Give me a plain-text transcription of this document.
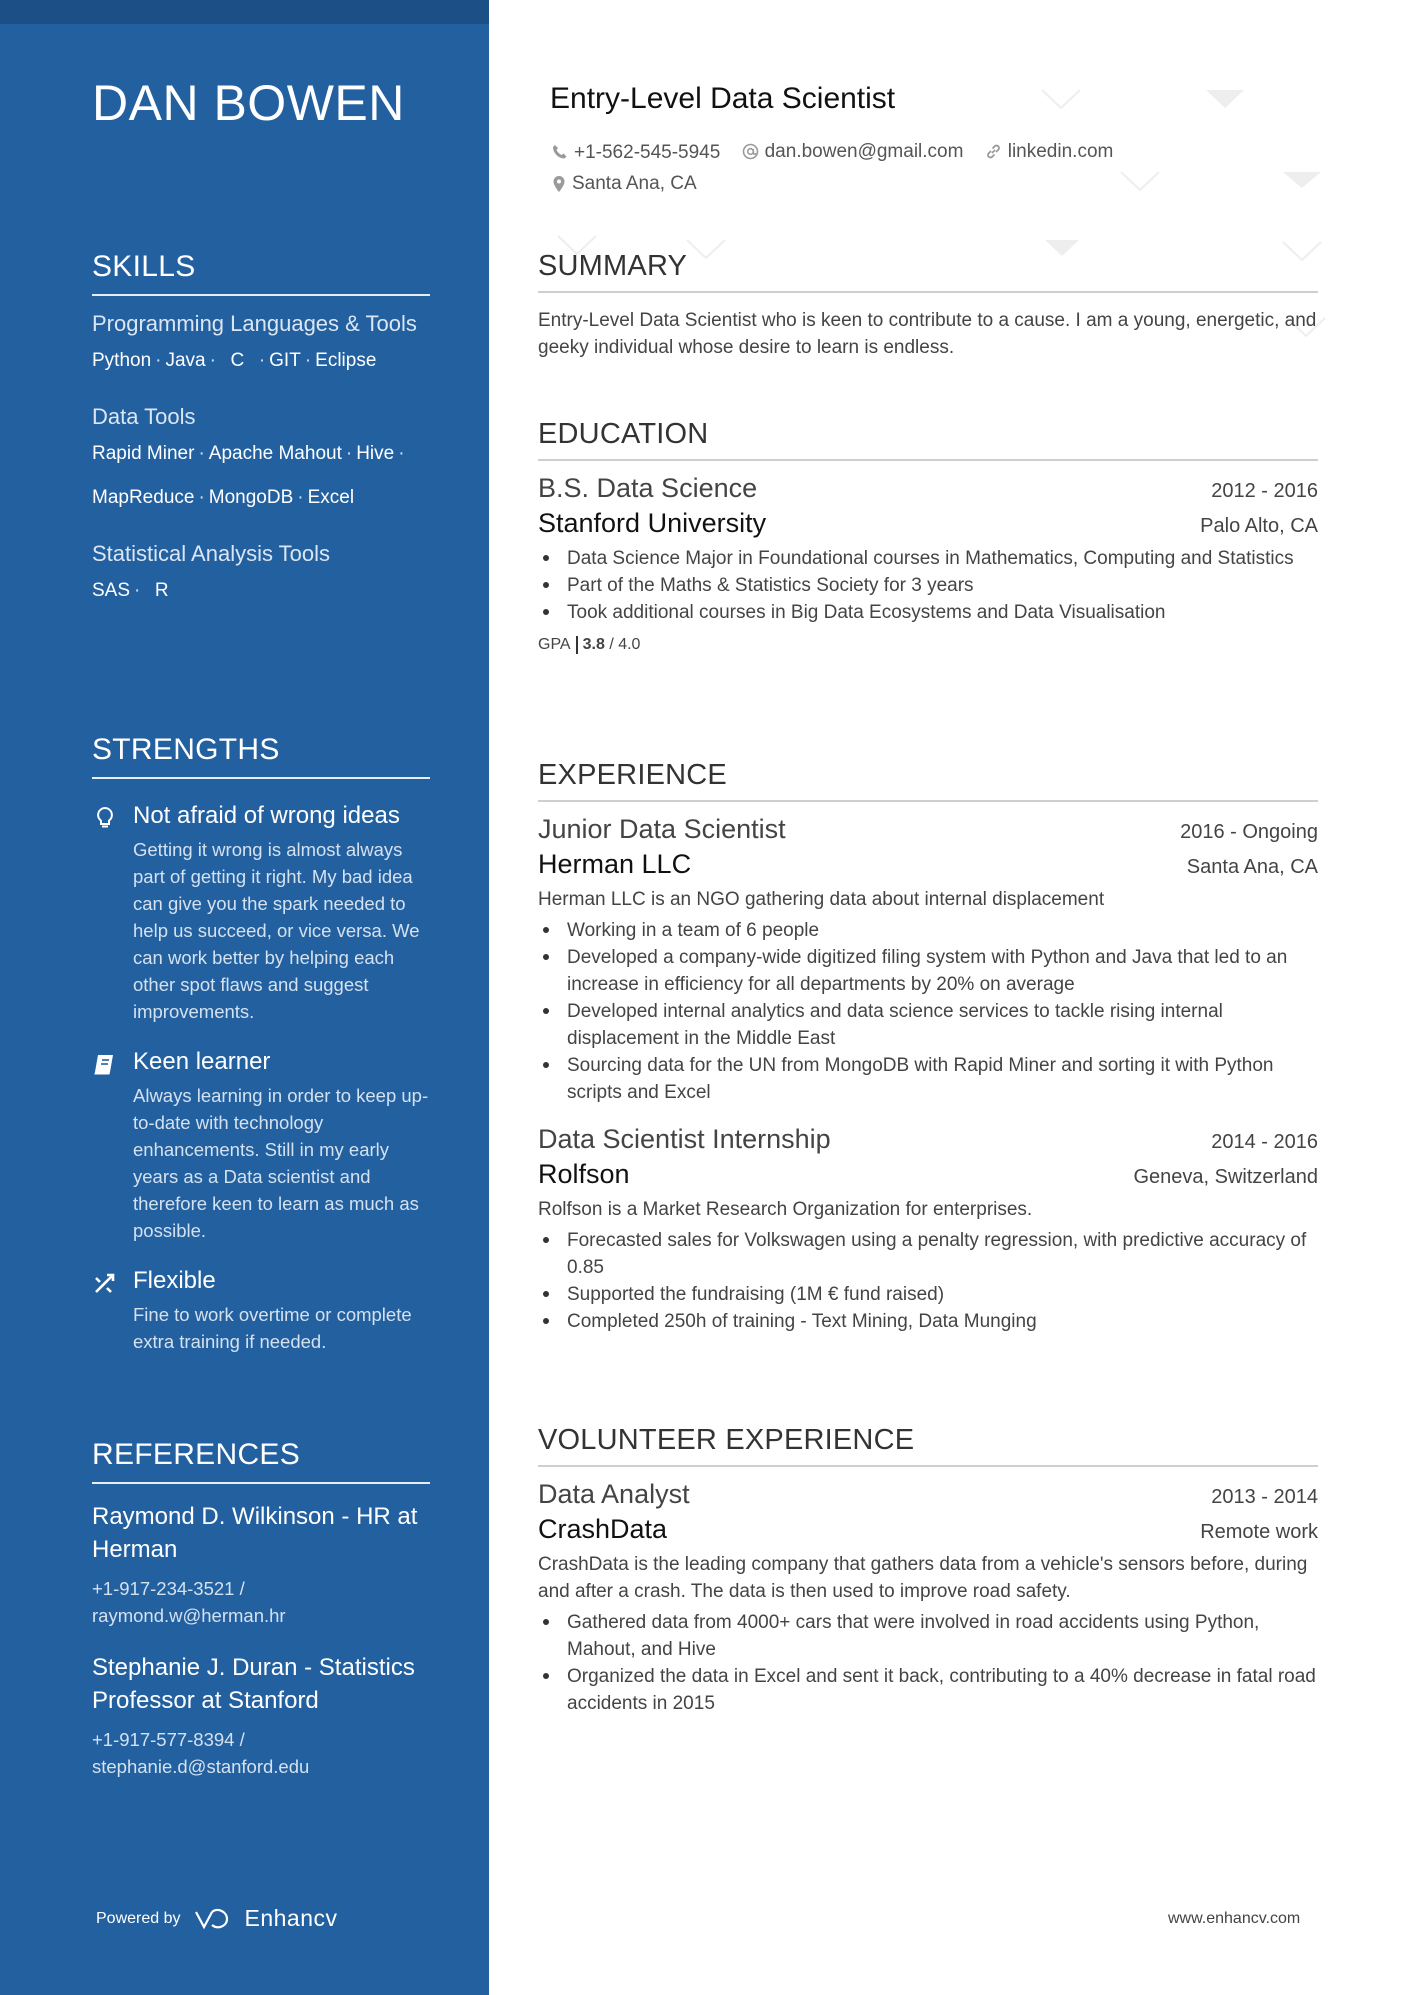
DAN BOWEN
SKILLS
Programming Languages & Tools
Python · Java · C · GIT · Eclipse
Data Tools
Rapid Miner · Apache Mahout · Hive ·
MapReduce · MongoDB · Excel
Statistical Analysis Tools
SAS · R
STRENGTHS
Not afraid of wrong ideas
Getting it wrong is almost always part of getting it right. My bad idea can give you the spark needed to help us succeed, or vice versa. We can work better by helping each other spot flaws and suggest improvements.
Keen learner
Always learning in order to keep up-to-date with technology enhancements. Still in my early years as a Data scientist and therefore keen to learn as much as possible.
Flexible
Fine to work overtime or complete extra training if needed.
REFERENCES
Raymond D. Wilkinson - HR at Herman
+1-917-234-3521 / raymond.w@herman.hr
Stephanie J. Duran - Statistics Professor at Stanford
+1-917-577-8394 / stephanie.d@stanford.edu
Powered by	Enhancv
Entry-Level Data Scientist
+1-562-545-5945
dan.bowen@gmail.com
linkedin.com

Santa Ana, CA
SUMMARY
Entry-Level Data Scientist who is keen to contribute to a cause. I am a young, energetic, and geeky individual whose desire to learn is endless.
EDUCATION
B.S. Data Science	2012 - 2016
Stanford University	Palo Alto, CA
Data Science Major in Foundational courses in Mathematics, Computing and Statistics
Part of the Maths & Statistics Society for 3 years
Took additional courses in Big Data Ecosystems and Data Visualisation
GPA 3.8 / 4.0
EXPERIENCE
Junior Data Scientist	2016 - Ongoing
Herman LLC	Santa Ana, CA
Herman LLC is an NGO gathering data about internal displacement
Working in a team of 6 people
Developed a company-wide digitized filing system with Python and Java that led to an increase in efficiency for all departments by 20% on average
Developed internal analytics and data science services to tackle rising internal displacement in the Middle East
Sourcing data for the UN from MongoDB with Rapid Miner and sorting it with Python scripts and Excel
Data Scientist Internship	2014 - 2016
Rolfson	Geneva, Switzerland
Rolfson is a Market Research Organization for enterprises.
Forecasted sales for Volkswagen using a penalty regression, with predictive accuracy of 0.85
Supported the fundraising (1M € fund raised)
Completed 250h of training - Text Mining, Data Munging
VOLUNTEER EXPERIENCE
Data Analyst	2013 - 2014
CrashData	Remote work
CrashData is the leading company that gathers data from a vehicle's sensors before, during and after a crash. The data is then used to improve road safety.
Gathered data from 4000+ cars that were involved in road accidents using Python, Mahout, and Hive
Organized the data in Excel and sent it back, contributing to a 40% decrease in fatal road accidents in 2015
www.enhancv.com
